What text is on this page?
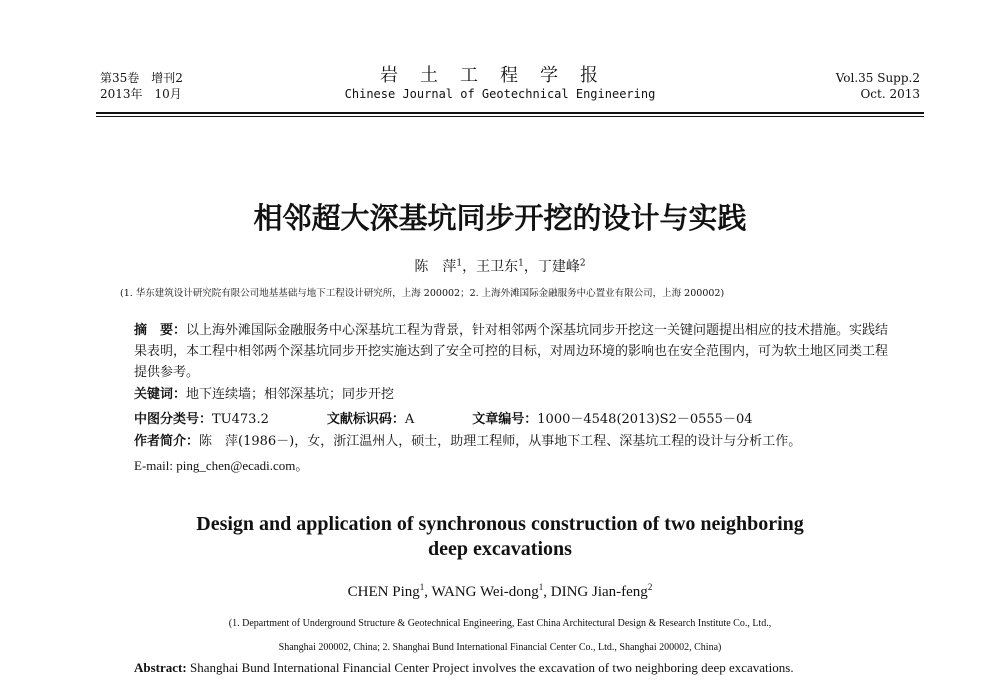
第35卷　增刊2
2013年　10月
岩土工程学报
Chinese Journal of Geotechnical Engineering
Vol.35 Supp.2
Oct. 2013
相邻超大深基坑同步开挖的设计与实践
陈　萍$^1$，王卫东$^1$，丁建峰$^2$
(1. 华东建筑设计研究院有限公司地基基础与地下工程设计研究所，上海 200002；2. 上海外滩国际金融服务中心置业有限公司，上海 200002)
摘　要：以上海外滩国际金融服务中心深基坑工程为背景，针对相邻两个深基坑同步开挖这一关键问题提出相应的技术措施。实践结果表明，本工程中相邻两个深基坑同步开挖实施达到了安全可控的目标，对周边环境的影响也在安全范围内，可为软土地区同类工程提供参考。
关键词：地下连续墙；相邻深基坑；同步开挖
中图分类号：TU473.2	文献标识码：A	文章编号：1000－4548(2013)S2－0555－04
作者简介：陈　萍(1986－)，女，浙江温州人，硕士，助理工程师，从事地下工程、深基坑工程的设计与分析工作。
E-mail: ping_chen@ecadi.com。
Design and application of synchronous construction of two neighboring
deep excavations
CHEN Ping$^1$, WANG Wei-dong$^1$, DING Jian-feng$^2$
(1. Department of Underground Structure & Geotechnical Engineering, East China Architectural Design & Research Institute Co., Ltd.,
Shanghai 200002, China; 2. Shanghai Bund International Financial Center Co., Ltd., Shanghai 200002, China)
Abstract: Shanghai Bund International Financial Center Project involves the excavation of two neighboring deep excavations.
